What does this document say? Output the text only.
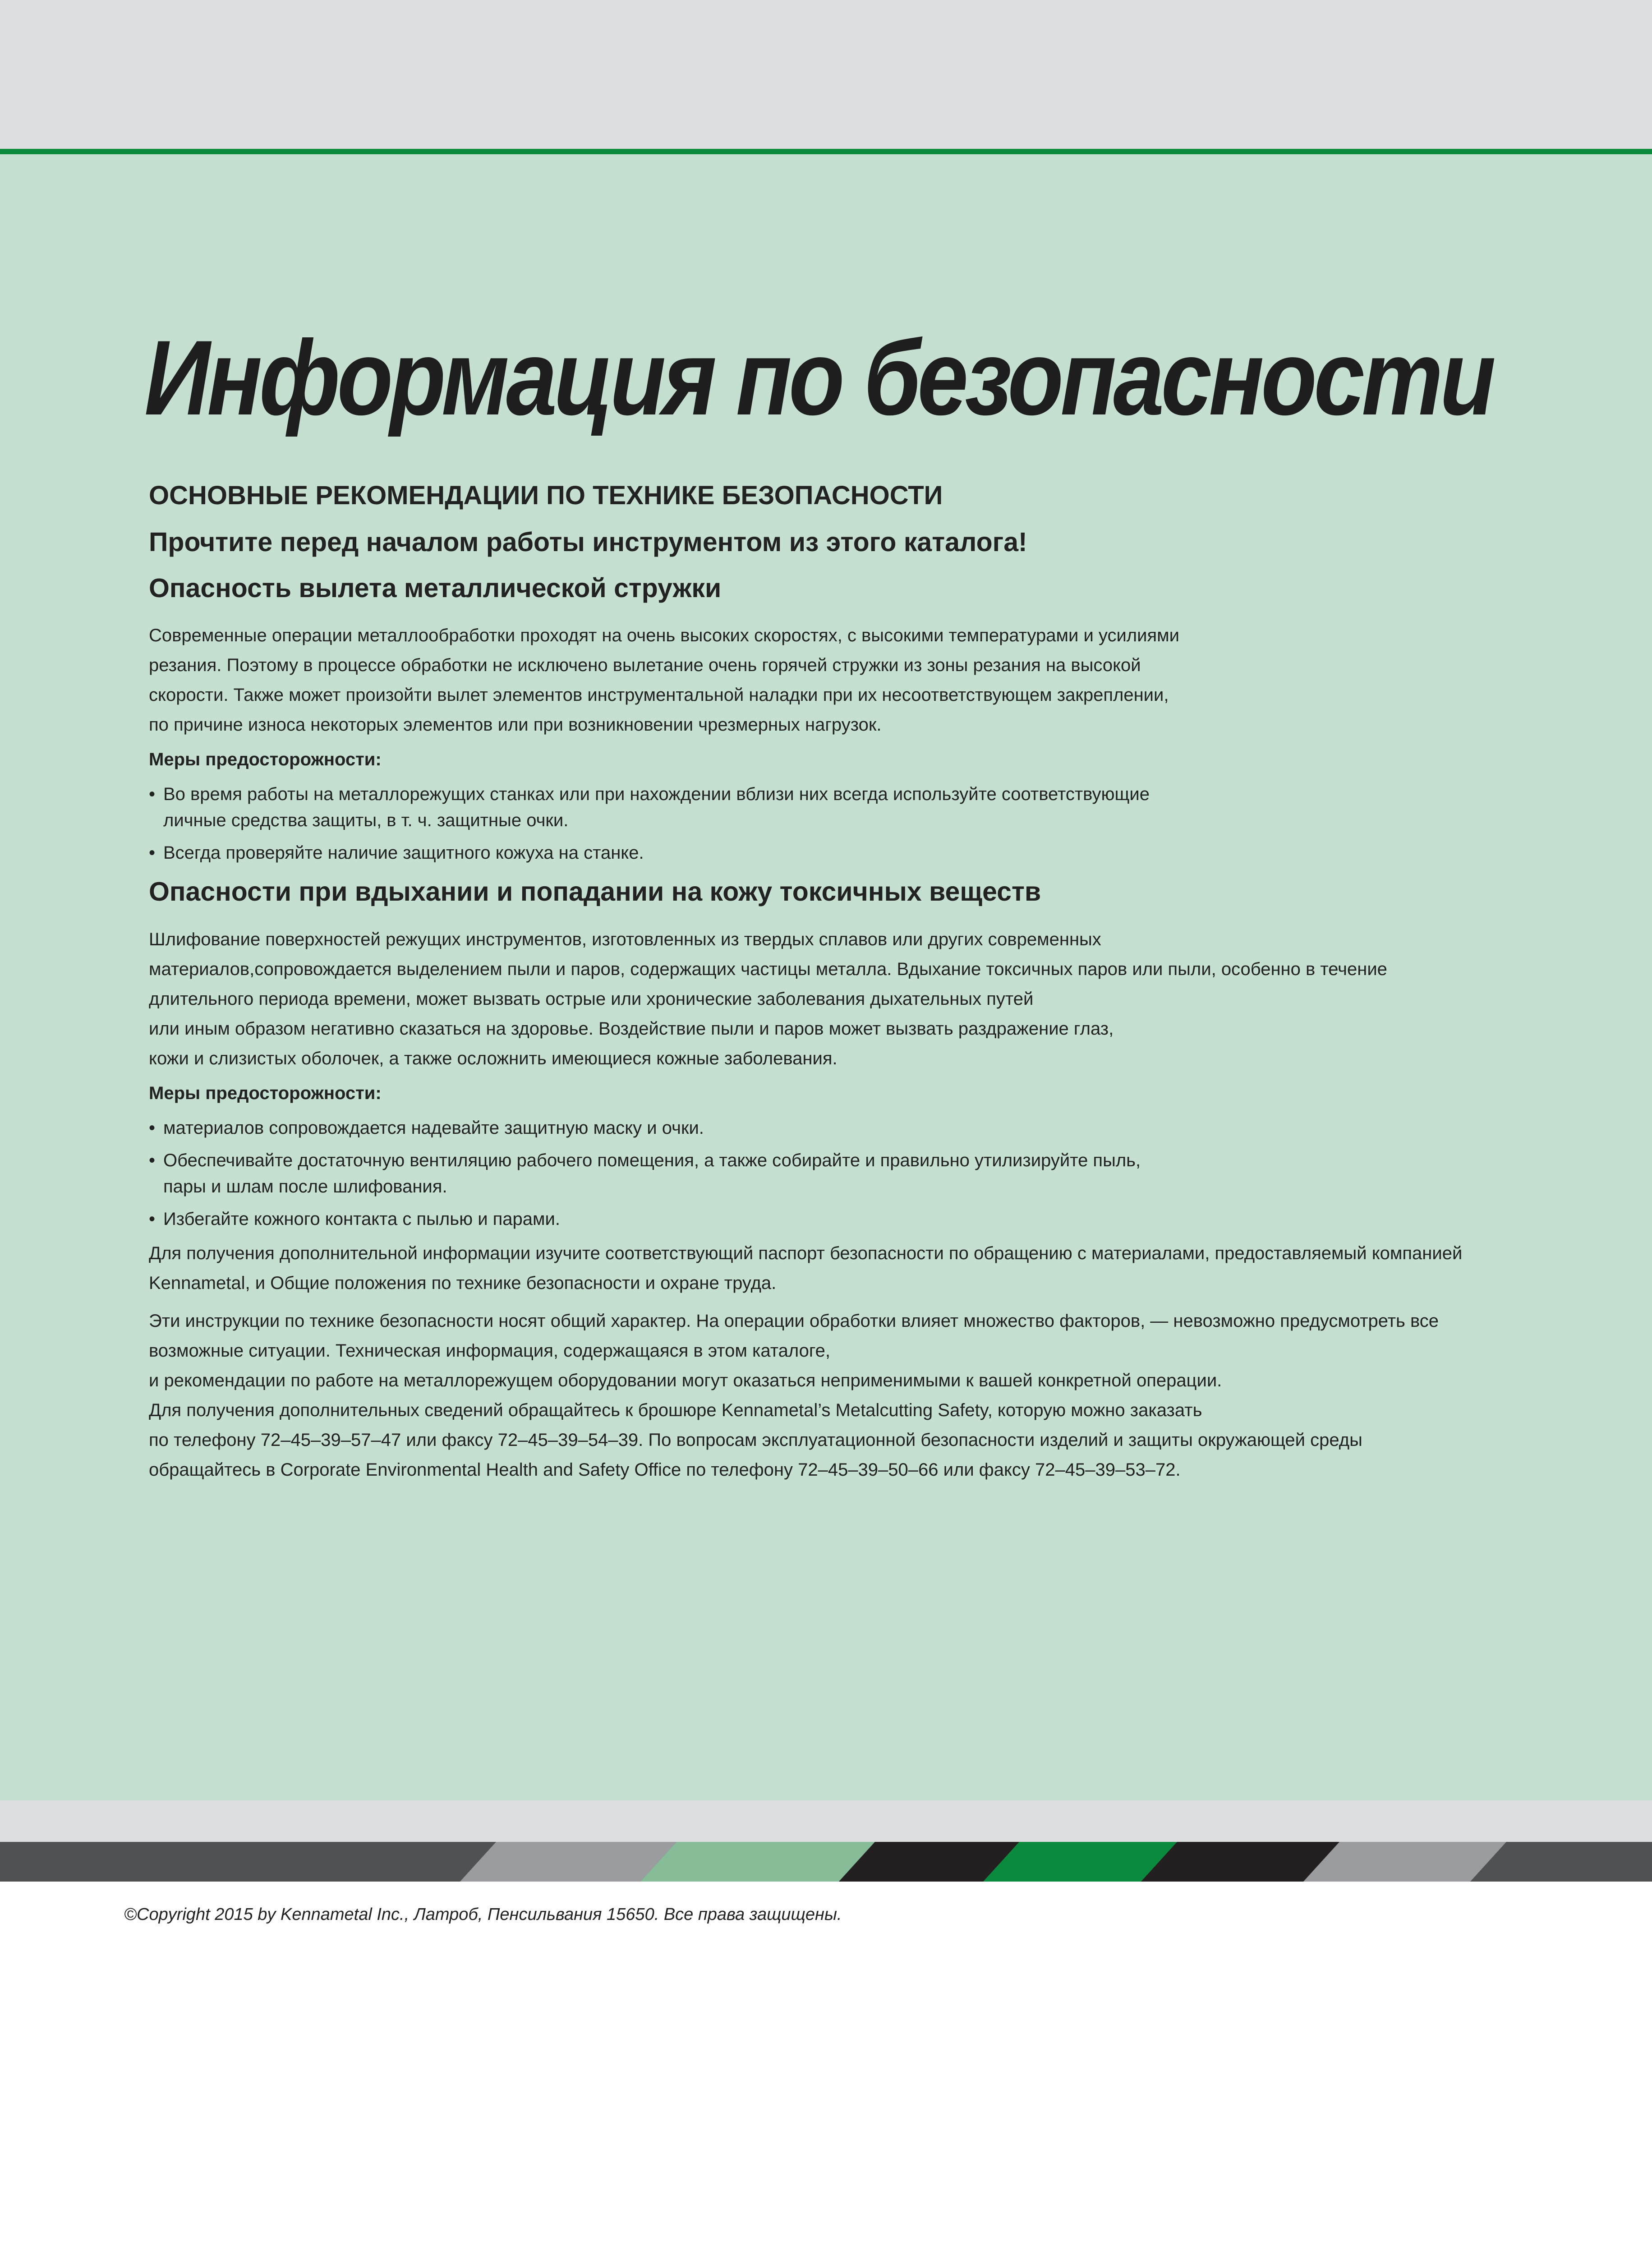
Информация по безопасности
ОСНОВНЫЕ РЕКОМЕНДАЦИИ ПО ТЕХНИКЕ БЕЗОПАСНОСТИ
Прочтите перед началом работы инструментом из этого каталога!
Опасность вылета металлической стружки
Современные операции металлообработки проходят на очень высоких скоростях, с высокими температурами и усилиями
резания. Поэтому в процессе обработки не исключено вылетание очень горячей стружки из зоны резания на высокой
скорости. Также может произойти вылет элементов инструментальной наладки при их несоответствующем закреплении,
по причине износа некоторых элементов или при возникновении чрезмерных нагрузок.
Меры предосторожности:
• Во время работы на металлорежущих станках или при нахождении вблизи них всегда используйте соответствующие
личные средства защиты, в т. ч. защитные очки.
• Всегда проверяйте наличие защитного кожуха на станке.
Опасности при вдыхании и попадании на кожу токсичных веществ
Шлифование поверхностей режущих инструментов, изготовленных из твердых сплавов или других современных
материалов,сопровождается выделением пыли и паров, содержащих частицы металла. Вдыхание токсичных паров или пыли, особенно в течение
длительного периода времени, может вызвать острые или хронические заболевания дыхательных путей
или иным образом негативно сказаться на здоровье. Воздействие пыли и паров может вызвать раздражение глаз,
кожи и слизистых оболочек, а также осложнить имеющиеся кожные заболевания.
Меры предосторожности:
• материалов сопровождается надевайте защитную маску и очки.
• Обеспечивайте достаточную вентиляцию рабочего помещения, а также собирайте и правильно утилизируйте пыль,
пары и шлам после шлифования.
• Избегайте кожного контакта с пылью и парами.
Для получения дополнительной информации изучите соответствующий паспорт безопасности по обращению с материалами, предоставляемый компанией
Kennametal, и Общие положения по технике безопасности и охране труда.
Эти инструкции по технике безопасности носят общий характер. На операции обработки влияет множество факторов, — невозможно предусмотреть все
возможные ситуации. Техническая информация, содержащаяся в этом каталоге,
и рекомендации по работе на металлорежущем оборудовании могут оказаться неприменимыми к вашей конкретной операции.
Для получения дополнительных сведений обращайтесь к брошюре Kennametal’s Metalcutting Safety, которую можно заказать
по телефону 72–45–39–57–47 или факсу 72–45–39–54–39. По вопросам эксплуатационной безопасности изделий и защиты окружающей среды
обращайтесь в Corporate Environmental Health and Safety Office по телефону 72–45–39–50–66 или факсу 72–45–39–53–72.
©Copyright 2015 by Kennametal Inc., Латроб, Пенсильвания 15650. Все права защищены.
